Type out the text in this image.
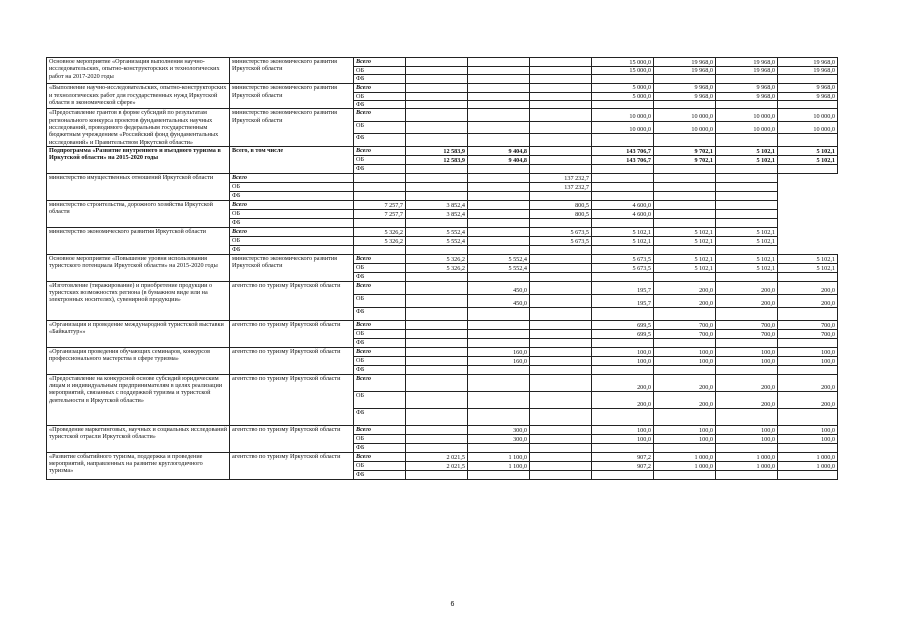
Основное мероприятие «Организация выполнения научно-исследовательских, опытно-конструкторских и технологических работ на 2017-2020 годы	министерство экономического развития Иркутской области	Всего				15 000,0	19 968,0	19 968,0	19 968,0
		ОБ				15 000,0	19 968,0	19 968,0	19 968,0
		ФБ							
«Выполнение научно-исследовательских, опытно-конструкторских и технологических работ для государственных нужд Иркутской области в экономической сфере»	министерство экономического развития Иркутской области	Всего				5 000,0	9 968,0	9 968,0	9 968,0
		ОБ				5 000,0	9 968,0	9 968,0	9 968,0
		ФБ							
«Предоставление грантов в форме субсидий по результатам регионального конкурса проектов фундаментальных научных исследований, проводимого федеральным государственным бюджетным учреждением «Российский фонд фундаментальных исследований» и Правительством Иркутской области»	министерство экономического развития Иркутской области	Всего				10 000,0	10 000,0	10 000,0	10 000,0
		ОБ				10 000,0	10 000,0	10 000,0	10 000,0
		ФБ							
Подпрограмма «Развитие внутреннего и въездного туризма в Иркутской области» на 2015-2020 годы	Всего, в том числе	Всего	12 583,9	9 404,8		143 706,7	9 702,1	5 102,1	5 102,1
		ОБ	12 583,9	9 404,8		143 706,7	9 702,1	5 102,1	5 102,1
		ФБ							
министерство имущественных отношений Иркутской области	Всего				137 232,7				
	ОБ				137 232,7				
	ФБ								
министерство строительства, дорожного хозяйства Иркутской области	Всего	7 257,7	3 852,4		800,5	4 600,0			
	ОБ	7 257,7	3 852,4		800,5	4 600,0			
	ФБ								
министерство экономического развития Иркутской области	Всего	5 326,2	5 552,4		5 673,5	5 102,1	5 102,1	5 102,1	
	ОБ	5 326,2	5 552,4		5 673,5	5 102,1	5 102,1	5 102,1	
	ФБ								
Основное мероприятие «Повышение уровня использования туристского потенциала Иркутской области» на 2015-2020 годы	министерство экономического развития Иркутской области	Всего	5 326,2	5 552,4		5 673,5	5 102,1	5 102,1	5 102,1
		ОБ	5 326,2	5 552,4		5 673,5	5 102,1	5 102,1	5 102,1
		ФБ							
«Изготовление (тиражирование) и приобретение продукции о туристских возможностях региона (в бумажном виде или на электронных носителях), сувенирной продукции»	агентство по туризму Иркутской области	Всего		450,0		195,7	200,0	200,0	200,0
		ОБ		450,0		195,7	200,0	200,0	200,0
		ФБ							
«Организация и проведение международной туристской выставки «Байкалтур»»	агентство по туризму Иркутской области	Всего				699,5	700,0	700,0	700,0
		ОБ				699,5	700,0	700,0	700,0
		ФБ							
«Организация проведения обучающих семинаров, конкурсов профессионального мастерства в сфере туризма»	агентство по туризму Иркутской области	Всего		160,0		100,0	100,0	100,0	100,0
		ОБ		160,0		100,0	100,0	100,0	100,0
		ФБ							
«Предоставление на конкурсной основе субсидий юридическим лицам и индивидуальным предпринимателям в целях реализации мероприятий, связанных с поддержкой туризма и туристской деятельности в Иркутской области»	агентство по туризму Иркутской области	Всего				200,0	200,0	200,0	200,0
		ОБ				200,0	200,0	200,0	200,0
		ФБ							
«Проведение маркетинговых, научных и социальных исследований туристской отрасли Иркутской области»	агентство по туризму Иркутской области	Всего		300,0		100,0	100,0	100,0	100,0
		ОБ		300,0		100,0	100,0	100,0	100,0
		ФБ							
«Развитие событийного туризма, поддержка и проведение мероприятий, направленных на развитие круглогодичного туризма»	агентство по туризму Иркутской области	Всего	2 021,5	1 100,0		907,2	1 000,0	1 000,0	1 000,0
		ОБ	2 021,5	1 100,0		907,2	1 000,0	1 000,0	1 000,0
		ФБ							
6
